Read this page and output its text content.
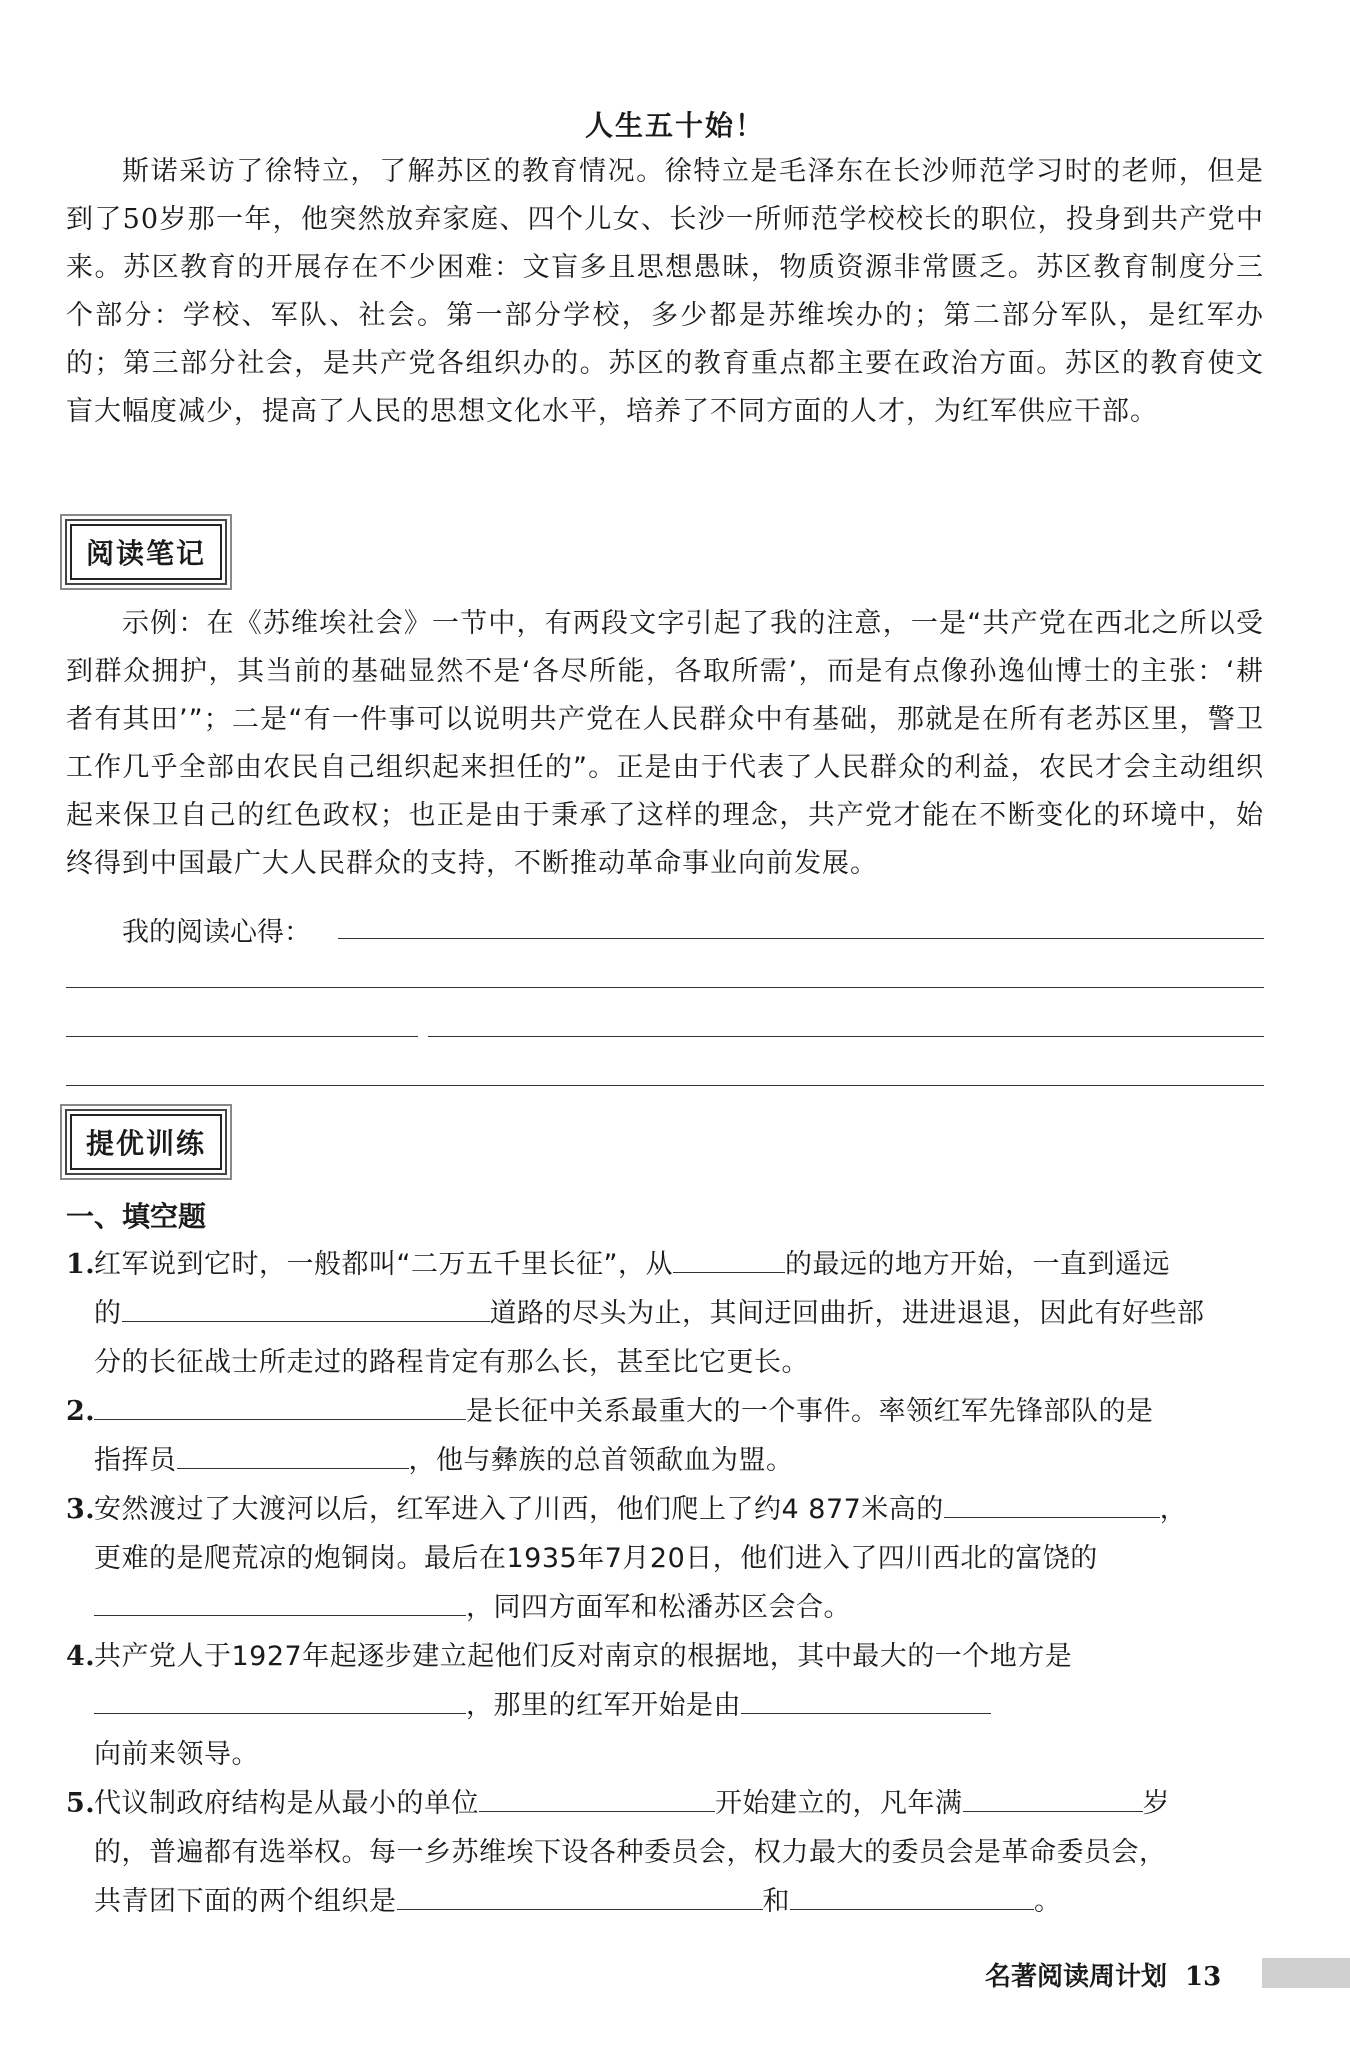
人生五十始！
斯诺采访了徐特立，了解苏区的教育情况。徐特立是毛泽东在长沙师范学习时的老师，但是到了50岁那一年，他突然放弃家庭、四个儿女、长沙一所师范学校校长的职位，投身到共产党中来。苏区教育的开展存在不少困难：文盲多且思想愚昧，物质资源非常匮乏。苏区教育制度分三个部分：学校、军队、社会。第一部分学校，多少都是苏维埃办的；第二部分军队，是红军办的；第三部分社会，是共产党各组织办的。苏区的教育重点都主要在政治方面。苏区的教育使文盲大幅度减少，提高了人民的思想文化水平，培养了不同方面的人才，为红军供应干部。
阅读笔记
示例：在《苏维埃社会》一节中，有两段文字引起了我的注意，一是“共产党在西北之所以受到群众拥护，其当前的基础显然不是‘各尽所能，各取所需’，而是有点像孙逸仙博士的主张：‘耕者有其田’”；二是“有一件事可以说明共产党在人民群众中有基础，那就是在所有老苏区里，警卫工作几乎全部由农民自己组织起来担任的”。正是由于代表了人民群众的利益，农民才会主动组织起来保卫自己的红色政权；也正是由于秉承了这样的理念，共产党才能在不断变化的环境中，始终得到中国最广大人民群众的支持，不断推动革命事业向前发展。
我的阅读心得：
提优训练
一、填空题
1.红军说到它时，一般都叫“二万五千里长征”，从	的最远的地方开始，一直到遥远
的	道路的尽头为止，其间迂回曲折，进进退退，因此有好些部
分的长征战士所走过的路程肯定有那么长，甚至比它更长。
2.	是长征中关系最重大的一个事件。率领红军先锋部队的是
指挥员	，他与彝族的总首领歃血为盟。
3.安然渡过了大渡河以后，红军进入了川西，他们爬上了约4 877米高的	，
更难的是爬荒凉的炮铜岗。最后在1935年7月20日，他们进入了四川西北的富饶的
，同四方面军和松潘苏区会合。
4.共产党人于1927年起逐步建立起他们反对南京的根据地，其中最大的一个地方是
，那里的红军开始是由
向前来领导。
5.代议制政府结构是从最小的单位	开始建立的，凡年满	岁
的，普遍都有选举权。每一乡苏维埃下设各种委员会，权力最大的委员会是革命委员会，
共青团下面的两个组织是	和	。
名著阅读周计划 13
